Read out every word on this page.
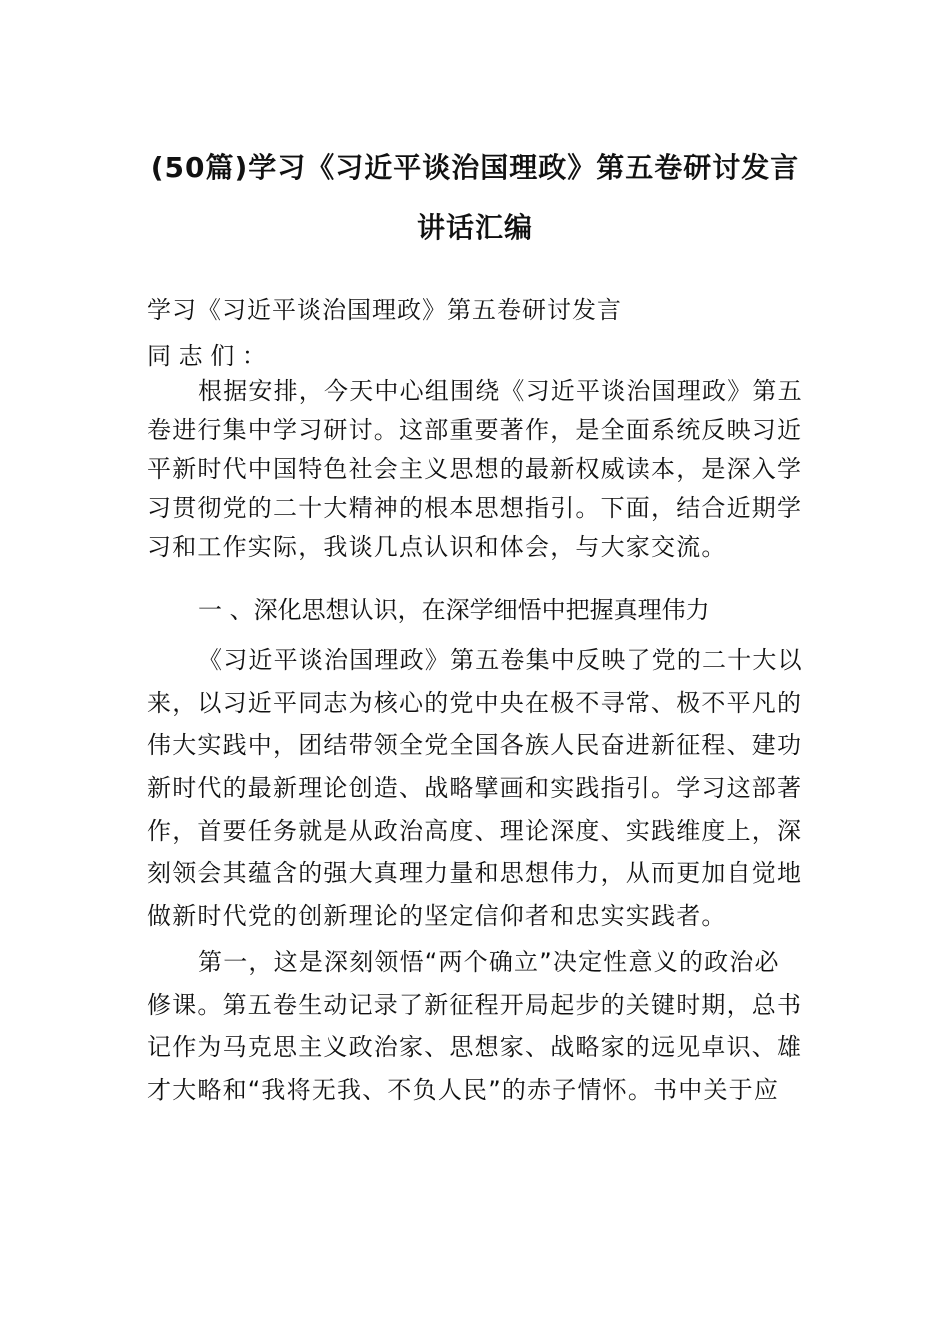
(50篇)学习《习近平谈治国理政》第五卷研讨发言
讲话汇编
学习《习近平谈治国理政》第五卷研讨发言
同 志 们 ：
根据安排，今天中心组围绕《习近平谈治国理政》第五
卷进行集中学习研讨。这部重要著作，是全面系统反映习近
平新时代中国特色社会主义思想的最新权威读本，是深入学
习贯彻党的二十大精神的根本思想指引。下面，结合近期学
习和工作实际，我谈几点认识和体会，与大家交流。
一 、深化思想认识，在深学细悟中把握真理伟力
《习近平谈治国理政》第五卷集中反映了党的二十大以
来，以习近平同志为核心的党中央在极不寻常、极不平凡的
伟大实践中，团结带领全党全国各族人民奋进新征程、建功
新时代的最新理论创造、战略擘画和实践指引。学习这部著
作，首要任务就是从政治高度、理论深度、实践维度上，深
刻领会其蕴含的强大真理力量和思想伟力，从而更加自觉地
做新时代党的创新理论的坚定信仰者和忠实实践者。
第一，这是深刻领悟“两个确立”决定性意义的政治必
修课。第五卷生动记录了新征程开局起步的关键时期，总书
记作为马克思主义政治家、思想家、战略家的远见卓识、雄
才大略和“我将无我、不负人民”的赤子情怀。书中关于应
